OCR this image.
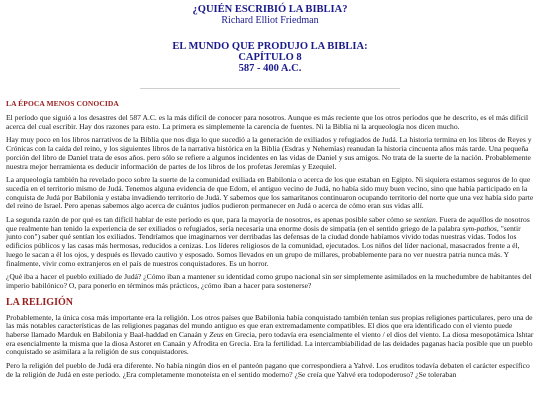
¿QUIÉN ESCRIBIÓ LA BIBLIA?
Richard Elliot Friedman
EL MUNDO QUE PRODUJO LA BIBLIA:
CAPÍTULO 8
587 - 400 A.C.
LA ÉPOCA MENOS CONOCIDA

El período que siguió a los desastres del 587 A.C. es la más difícil de conocer para nosotros. Aunque es más reciente que los otros períodos que he descrito, es el más difícil acerca del cual escribir. Hay dos razones para esto. La primera es simplemente la carencia de fuentes. Ni la Biblia ni la arqueología nos dicen mucho.

Hay muy poco en los libros narrativos de la Biblia que nos diga lo que sucedió a la generación de exiliados y refugiados de Judá. La historia termina en los libros de Reyes y Crónicas con la caída del reino, y los siguientes libros de la narrativa histórica en la Biblia (Esdras y Nehemías) reanudan la historia cincuenta años más tarde. Una pequeña porción del libro de Daniel trata de esos años. pero sólo se refiere a algunos incidentes en las vidas de Daniel y sus amigos. No trata de la suerte de la nación. Probablemente nuestra mejor herramienta es deducir información de partes de los libros de los profetas Jeremías y Ezequiel.

La arqueología también ha revelado poco sobre la suerte de la comunidad exiliada en Babilonia o acerca de los que estaban en Egipto. Ni siquiera estamos seguros de lo que sucedía en el territorio mismo de Judá. Tenemos alguna evidencia de que Edom, el antiguo vecino de Judá, no había sido muy buen vecino, sino que había participado en la conquista de Judá por Babilonia y estaba invadiendo territorio de Judá. Y sabemos que los samaritanos continuaron ocupando territorio del norte que una vez había sido parte del reino de Israel. Pero apenas sabemos algo acerca de cuántos judíos pudieron permanecer en Judá o acerca de cómo eran sus vidas allí.

La segunda razón de por qué es tan difícil hablar de este período es que, para la mayoría de nosotros, es apenas posible saber cómo se sentían. Fuera de aquéllos de nosotros que realmente han tenido la experiencia de ser exiliados o refugiados, sería necesaria una enorme dosis de simpatía (en el sentido griego de la palabra sym-pathos, "sentir junto con") saber qué sentían los exiliados. Tendríamos que imaginarnos ver derribadas las defensas de la ciudad donde habíamos vivido todas nuestras vidas. Todos los edificios públicos y las casas más hermosas, reducidos a cenizas. Los líderes religiosos de la comunidad, ejecutados. Los niños del líder nacional, masacrados frente a él, luego le sacan a él los ojos, y después es llevado cautivo y esposado. Somos llevados en un grupo de millares, probablemente para no ver nuestra patria nunca más. Y finalmente, vivir como extranjeros en el país de nuestros conquistadores. Es un horror.

¿Qué iba a hacer el pueblo exiliado de Judá? ¿Cómo iban a mantener su identidad como grupo nacional sin ser simplemente asimilados en la muchedumbre de habitantes del imperio babilónico? O, para ponerlo en términos más prácticos, ¿cómo iban a hacer para sostenerse?

LA RELIGIÓN

Probablemente, la única cosa más importante era la religión. Los otros países que Babilonia había conquistado también tenían sus propias religiones particulares, pero una de las más notables características de las religiones paganas del mundo antiguo es que eran extremadamente compatibles. El dios que era identificado con el viento puede haberse llamado Marduk en Babilonia y Baal-haddad en Canaán y Zeus en Grecia, pero todavía era esencialmente el viento / el dios del viento. La diosa mesopotámica Ishtar era esencialmente la misma que la diosa Astoret en Canaán y Afrodita en Grecia. Era la fertilidad. La intercambiabilidad de las deidades paganas hacía posible que un pueblo conquistado se asimilara a la religión de sus conquistadores.

Pero la religión del pueblo de Judá era diferente. No había ningún dios en el panteón pagano que correspondiera a Yahvé. Los eruditos todavía debaten el carácter específico de la religión de Judá en este período. ¿Era completamente monoteísta en el sentido moderno? ¿Se creía que Yahvé era todopoderoso? ¿Se toleraban
